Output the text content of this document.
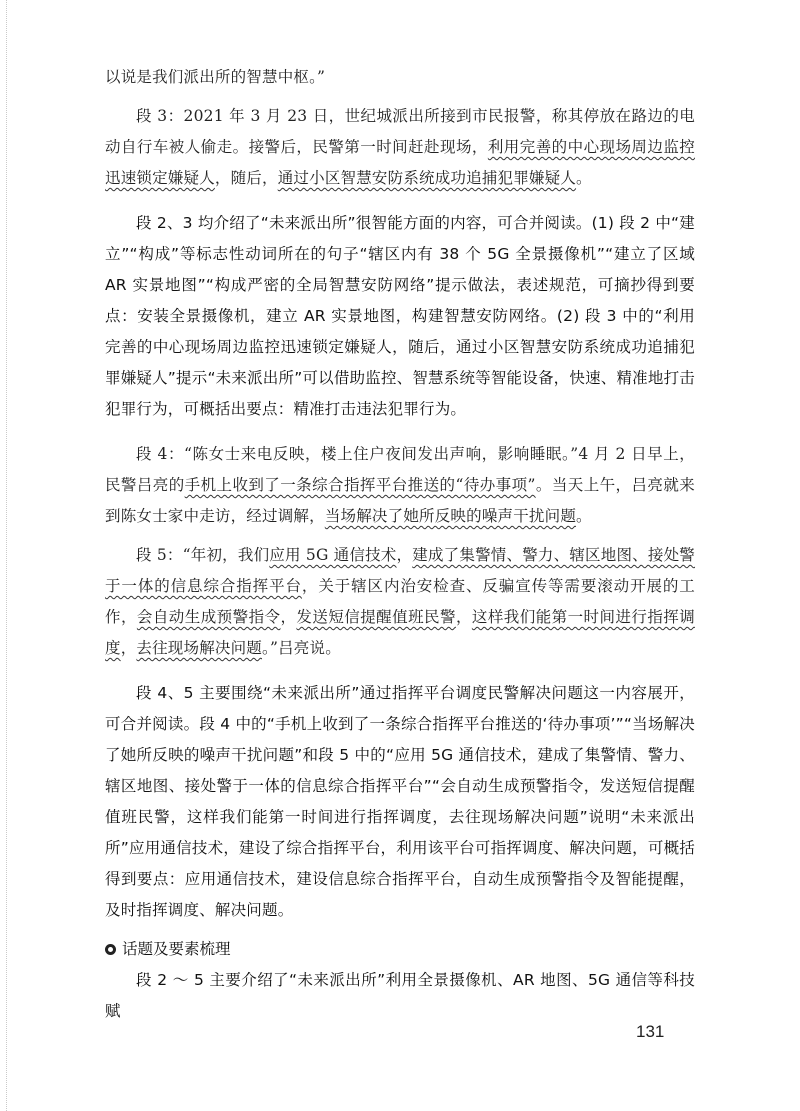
以说是我们派出所的智慧中枢。”

段 3：2021 年 3 月 23 日，世纪城派出所接到市民报警，称其停放在路边的电动自行车被人偷走。接警后，民警第一时间赶赴现场，利用完善的中心现场周边监控迅速锁定嫌疑人，随后，通过小区智慧安防系统成功追捕犯罪嫌疑人。

段 2、3 均介绍了“未来派出所”很智能方面的内容，可合并阅读。(1) 段 2 中“建立”“构成”等标志性动词所在的句子“辖区内有 38 个 5G 全景摄像机”“建立了区域 AR 实景地图”“构成严密的全局智慧安防网络”提示做法，表述规范，可摘抄得到要点：安装全景摄像机，建立 AR 实景地图，构建智慧安防网络。(2) 段 3 中的“利用完善的中心现场周边监控迅速锁定嫌疑人，随后，通过小区智慧安防系统成功追捕犯罪嫌疑人”提示“未来派出所”可以借助监控、智慧系统等智能设备，快速、精准地打击犯罪行为，可概括出要点：精准打击违法犯罪行为。

段 4：“陈女士来电反映，楼上住户夜间发出声响，影响睡眠。”4 月 2 日早上，民警吕亮的手机上收到了一条综合指挥平台推送的“待办事项”。当天上午，吕亮就来到陈女士家中走访，经过调解，当场解决了她所反映的噪声干扰问题。

段 5：“年初，我们应用 5G 通信技术，建成了集警情、警力、辖区地图、接处警于一体的信息综合指挥平台，关于辖区内治安检查、反骗宣传等需要滚动开展的工作，会自动生成预警指令，发送短信提醒值班民警，这样我们能第一时间进行指挥调度，去往现场解决问题。”吕亮说。

段 4、5 主要围绕“未来派出所”通过指挥平台调度民警解决问题这一内容展开，可合并阅读。段 4 中的“手机上收到了一条综合指挥平台推送的‘待办事项’”“当场解决了她所反映的噪声干扰问题”和段 5 中的“应用 5G 通信技术，建成了集警情、警力、辖区地图、接处警于一体的信息综合指挥平台”“会自动生成预警指令，发送短信提醒值班民警，这样我们能第一时间进行指挥调度，去往现场解决问题”说明“未来派出所”应用通信技术，建设了综合指挥平台，利用该平台可指挥调度、解决问题，可概括得到要点：应用通信技术，建设信息综合指挥平台，自动生成预警指令及智能提醒，及时指挥调度、解决问题。

话题及要素梳理

段 2 ～ 5 主要介绍了“未来派出所”利用全景摄像机、AR 地图、5G 通信等科技赋

131
